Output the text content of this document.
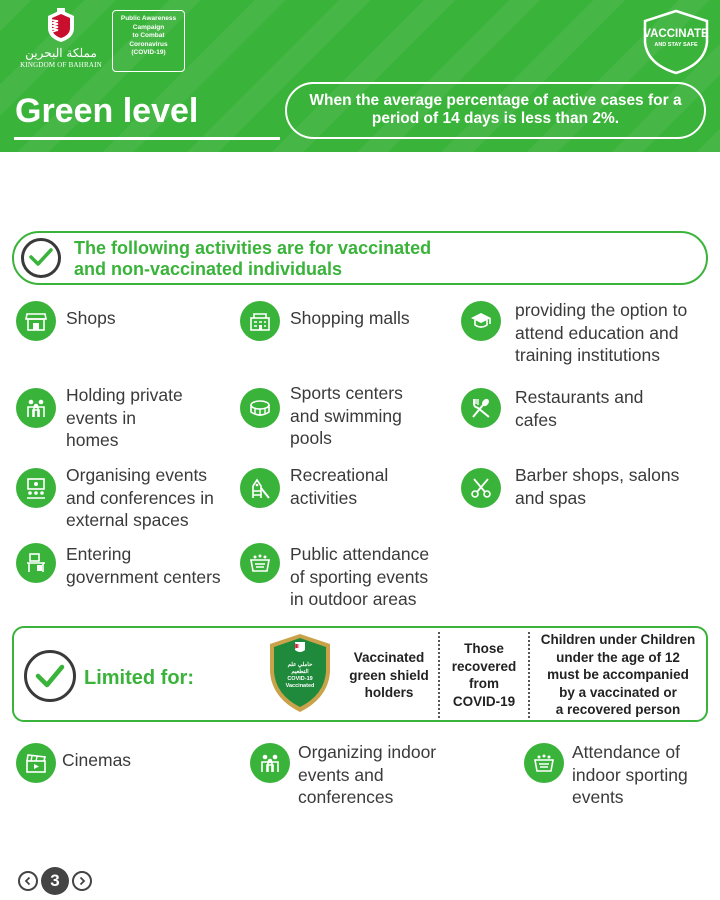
مملكة البحرين
KINGDOM OF BAHRAIN
Public Awareness
Campaign
to Combat
Coronavirus
(COVID-19)
VACCINATE
AND STAY SAFE
Green level	When the average percentage of active cases for a period of 14 days is less than 2%.
The following activities are for vaccinated
and non-vaccinated individuals
Shops	Shopping malls	providing the option to
attend education and
training institutions
Holding private
events in
homes
Sports centers
and swimming
pools
Restaurants and
cafes
Organising events
and conferences in
external spaces
Recreational
activities
Barber shops, salons
and spas
Entering
government centers
Public attendance
of sporting events
in outdoor areas
Limited for:
حاملي علم
التطعيم
COVID-19
Vaccinated
Vaccinated
green shield
holders
Those
recovered
from
COVID-19
Children under Children
under the age of 12
must be accompanied
by a vaccinated or
a recovered person
Cinemas	Organizing indoor
events and
conferences
Attendance of
indoor sporting
events
3
